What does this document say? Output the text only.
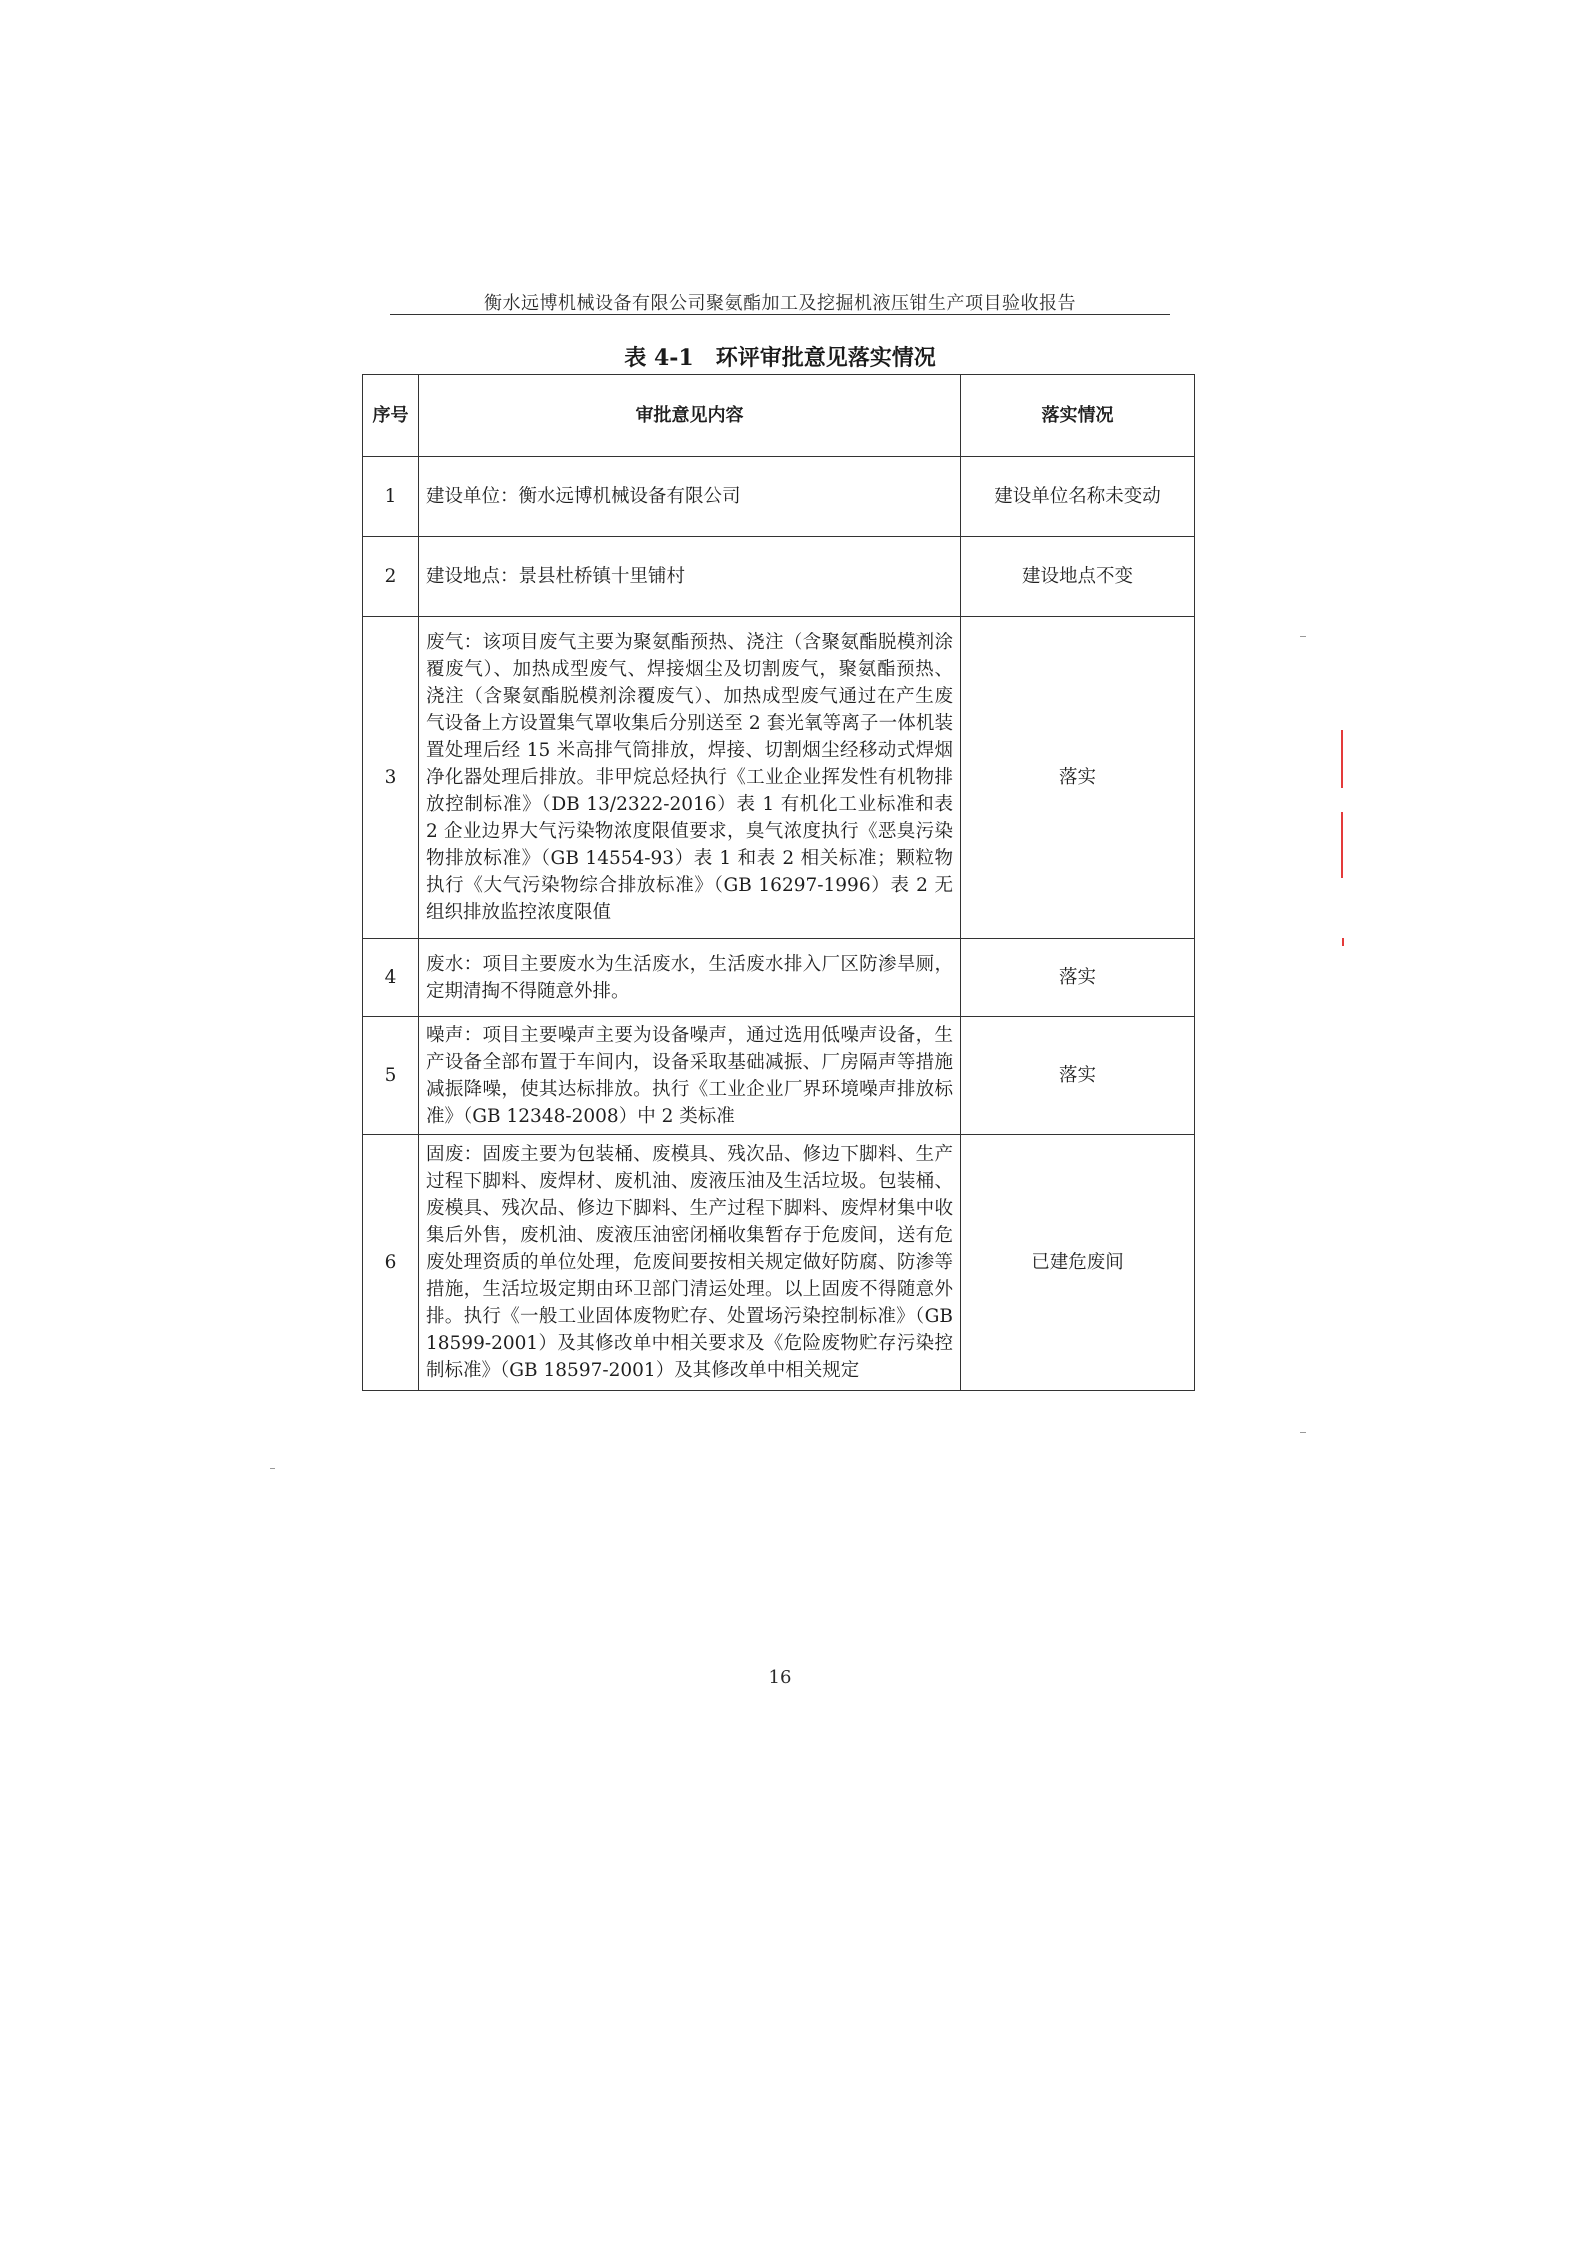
衡水远博机械设备有限公司聚氨酯加工及挖掘机液压钳生产项目验收报告
表 4-1　环评审批意见落实情况
序号	审批意见内容	落实情况
1	建设单位：衡水远博机械设备有限公司	建设单位名称未变动
2	建设地点：景县杜桥镇十里铺村	建设地点不变
3	废气：该项目废气主要为聚氨酯预热、浇注（含聚氨酯脱模剂涂覆废气）、加热成型废气、焊接烟尘及切割废气，聚氨酯预热、浇注（含聚氨酯脱模剂涂覆废气）、加热成型废气通过在产生废气设备上方设置集气罩收集后分别送至 2 套光氧等离子一体机装置处理后经 15 米高排气筒排放，焊接、切割烟尘经移动式焊烟净化器处理后排放。非甲烷总烃执行《工业企业挥发性有机物排放控制标准》（DB 13/2322-2016）表 1 有机化工业标准和表 2 企业边界大气污染物浓度限值要求，臭气浓度执行《恶臭污染物排放标准》（GB 14554-93）表 1 和表 2 相关标准；颗粒物执行《大气污染物综合排放标准》（GB 16297-1996）表 2 无组织排放监控浓度限值	落实
4	废水：项目主要废水为生活废水，生活废水排入厂区防渗旱厕，定期清掏不得随意外排。	落实
5	噪声：项目主要噪声主要为设备噪声，通过选用低噪声设备，生产设备全部布置于车间内，设备采取基础减振、厂房隔声等措施减振降噪，使其达标排放。执行《工业企业厂界环境噪声排放标准》（GB 12348-2008）中 2 类标准	落实
6	固废：固废主要为包装桶、废模具、残次品、修边下脚料、生产过程下脚料、废焊材、废机油、废液压油及生活垃圾。包装桶、废模具、残次品、修边下脚料、生产过程下脚料、废焊材集中收集后外售，废机油、废液压油密闭桶收集暂存于危废间，送有危废处理资质的单位处理，危废间要按相关规定做好防腐、防渗等措施，生活垃圾定期由环卫部门清运处理。以上固废不得随意外排。执行《一般工业固体废物贮存、处置场污染控制标准》（GB 18599-2001）及其修改单中相关要求及《危险废物贮存污染控制标准》（GB 18597-2001）及其修改单中相关规定	已建危废间
16
